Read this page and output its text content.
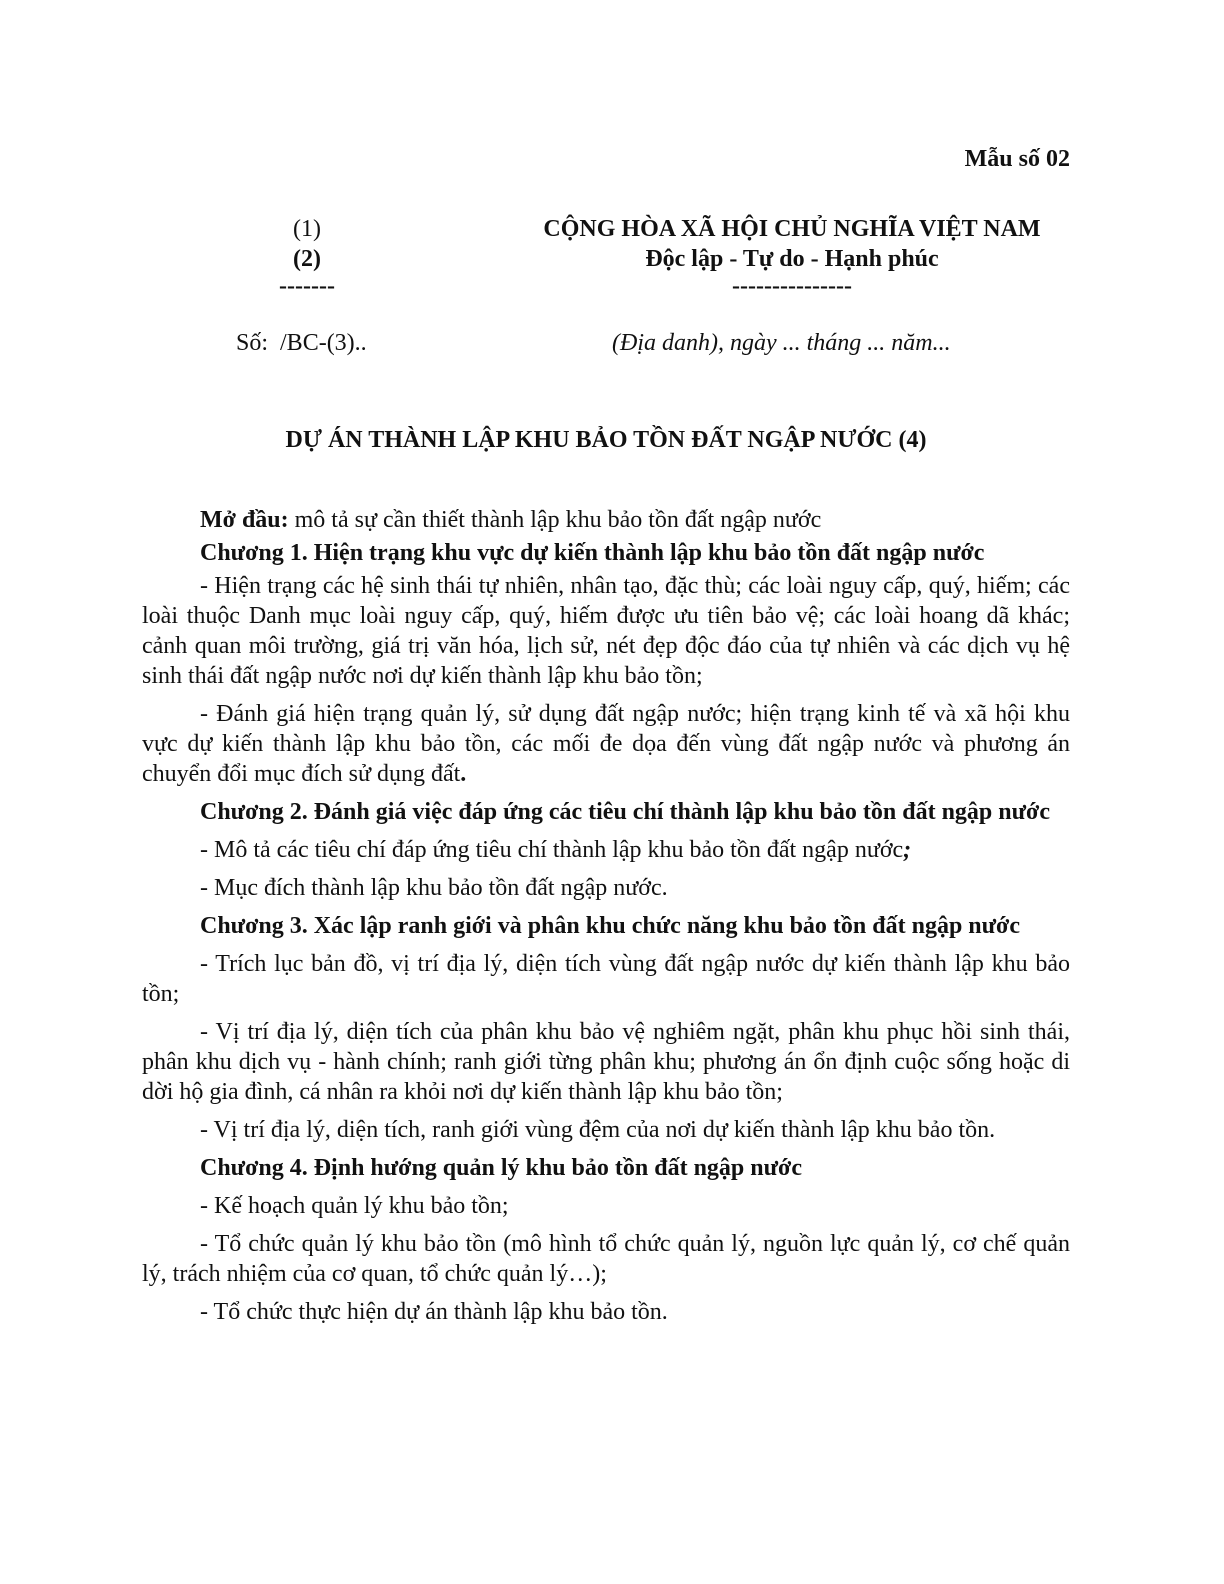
Mẫu số 02
(1)
(2)
-------
CỘNG HÒA XÃ HỘI CHỦ NGHĨA VIỆT NAM
Độc lập - Tự do - Hạnh phúc
---------------
Số:  /BC-(3)..	(Địa danh), ngày ... tháng ... năm...
DỰ ÁN THÀNH LẬP KHU BẢO TỒN ĐẤT NGẬP NƯỚC (4)

Mở đầu: mô tả sự cần thiết thành lập khu bảo tồn đất ngập nước

Chương 1. Hiện trạng khu vực dự kiến thành lập khu bảo tồn đất ngập nước

- Hiện trạng các hệ sinh thái tự nhiên, nhân tạo, đặc thù; các loài nguy cấp, quý, hiếm; các loài thuộc Danh mục loài nguy cấp, quý, hiếm được ưu tiên bảo vệ; các loài hoang dã khác; cảnh quan môi trường, giá trị văn hóa, lịch sử, nét đẹp độc đáo của tự nhiên và các dịch vụ hệ sinh thái đất ngập nước nơi dự kiến thành lập khu bảo tồn;

- Đánh giá hiện trạng quản lý, sử dụng đất ngập nước; hiện trạng kinh tế và xã hội khu vực dự kiến thành lập khu bảo tồn, các mối đe dọa đến vùng đất ngập nước và phương án chuyển đổi mục đích sử dụng đất.

Chương 2. Đánh giá việc đáp ứng các tiêu chí thành lập khu bảo tồn đất ngập nước

- Mô tả các tiêu chí đáp ứng tiêu chí thành lập khu bảo tồn đất ngập nước;

- Mục đích thành lập khu bảo tồn đất ngập nước.

Chương 3. Xác lập ranh giới và phân khu chức năng khu bảo tồn đất ngập nước

- Trích lục bản đồ, vị trí địa lý, diện tích vùng đất ngập nước dự kiến thành lập khu bảo tồn;

- Vị trí địa lý, diện tích của phân khu bảo vệ nghiêm ngặt, phân khu phục hồi sinh thái, phân khu dịch vụ - hành chính; ranh giới từng phân khu; phương án ổn định cuộc sống hoặc di dời hộ gia đình, cá nhân ra khỏi nơi dự kiến thành lập khu bảo tồn;

- Vị trí địa lý, diện tích, ranh giới vùng đệm của nơi dự kiến thành lập khu bảo tồn.

Chương 4. Định hướng quản lý khu bảo tồn đất ngập nước

- Kế hoạch quản lý khu bảo tồn;

- Tổ chức quản lý khu bảo tồn (mô hình tổ chức quản lý, nguồn lực quản lý, cơ chế quản lý, trách nhiệm của cơ quan, tổ chức quản lý…);

- Tổ chức thực hiện dự án thành lập khu bảo tồn.
